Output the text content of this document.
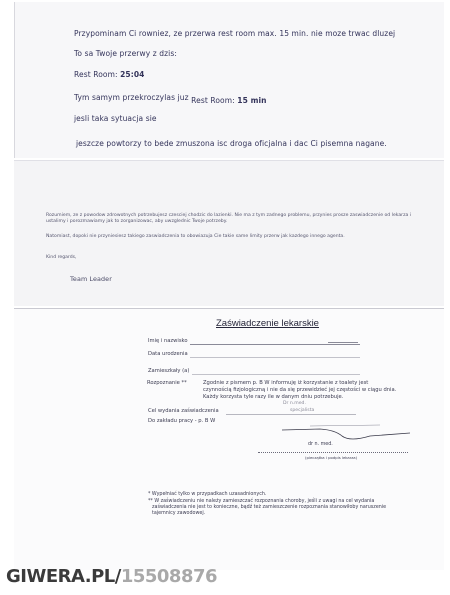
Przypominam Ci rowniez, ze przerwa rest room max. 15 min. nie moze trwac dluzej
To sa Twoje przerwy z dzis:
Rest Room: 25:04
Tym samym przekroczylas juz Rest Room: 15 min
jesli taka sytuacja sie
jeszcze powtorzy to bede zmuszona isc droga oficjalna i dac Ci pisemna nagane.
Rozumiem, ze z powodow zdrowotnych potrzebujesz czesciej chodzic do lazienki. Nie ma z tym zadnego problemu, przynies prosze zaswiadczenie od lekarza i ustalimy i porozmawiamy jak to zorganizowac, aby uwzglednic Twoje potrzeby.
Natomiast, dopoki nie przyniesiesz takiego zaswiadczenia to obowiazuja Cie takie same limity przerw jak kazdego innego agenta.
Kind regards,
Team Leader
Zaświadczenie lekarskie
Imię i nazwisko
Data urodzenia
Zamieszkały (a)
Rozpoznanie **	Zgodnie z pismem p. B W informuję iż korzystanie z toalety jest
czynnością fizjologiczną i nie da się przewidzieć jej częstości w ciągu dnia.
Każdy korzysta tyle razy ile w danym dniu potrzebuje.
Dr n.med.
Cel wydania zaświadczenia	specjalista
Do zakładu pracy - p. B W
dr n. med.
(pieczątka i podpis lekarza)
* Wypełniać tylko w przypadkach uzasadnionych.
** W zaświadczeniu nie należy zamieszczać rozpoznania choroby, jeśli z uwagi na cel wydania
zaświadczenia nie jest to konieczne, bądź też zamieszczenie rozpoznania stanowiłoby naruszenie
tajemnicy zawodowej.
GIWERA.PL/15508876
